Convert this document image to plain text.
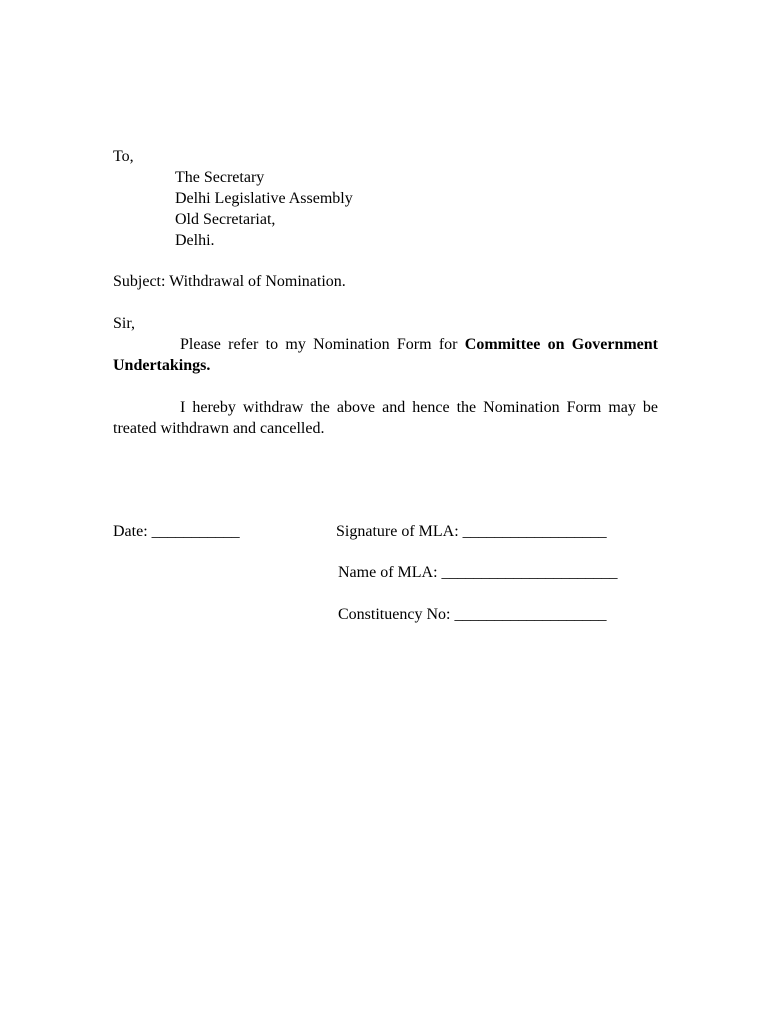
To,
The Secretary
Delhi Legislative Assembly
Old Secretariat,
Delhi.
Subject: Withdrawal of Nomination.
Sir,
Please refer to my Nomination Form for Committee on Government Undertakings.
I hereby withdraw the above and hence the Nomination Form may be treated withdrawn and cancelled.
Date: ___________	Signature of MLA: __________________
Name of MLA: ______________________
Constituency No: ___________________
